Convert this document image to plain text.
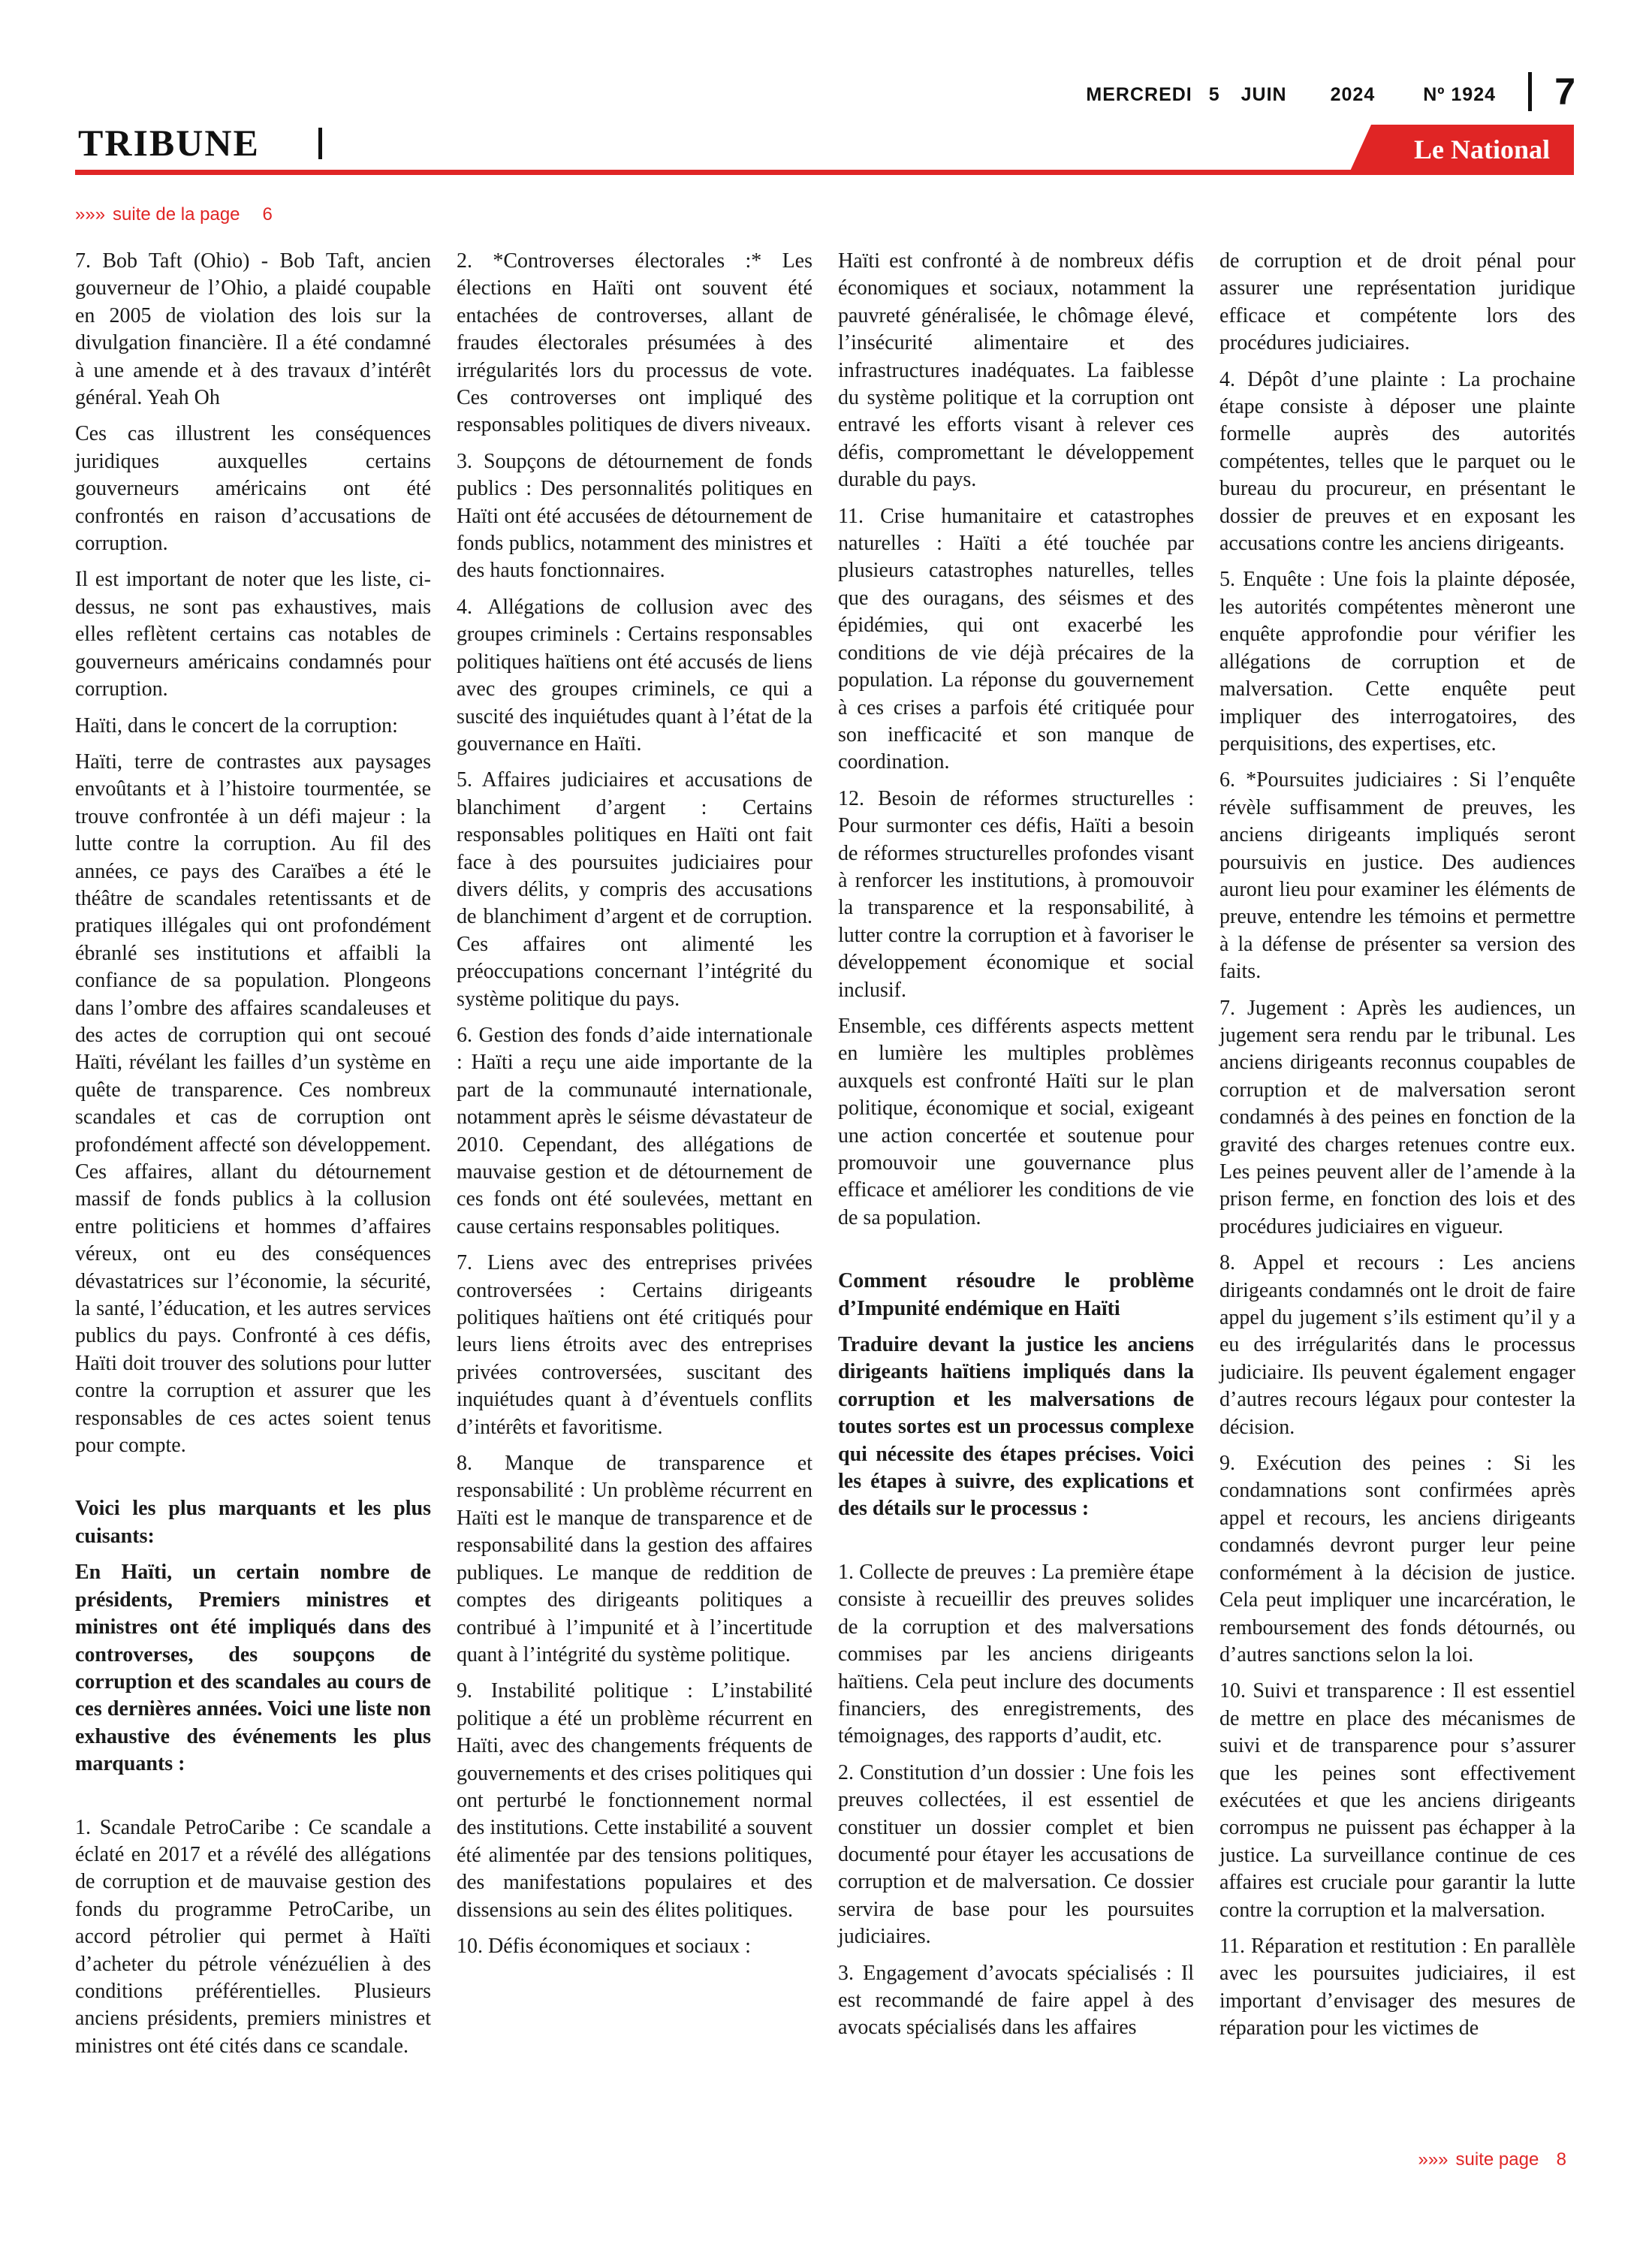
MERCREDI 5 JUIN 2024	Nº 1924 7
TRIBUNE	Le National
»»» suite de la page 6

7. Bob Taft (Ohio) - Bob Taft, ancien gouverneur de l’Ohio, a plaidé coupable en 2005 de violation des lois sur la divulgation financière. Il a été condamné à une amende et à des travaux d’intérêt général. Yeah Oh

Ces cas illustrent les conséquences juridiques auxquelles certains gouverneurs américains ont été confrontés en raison d’accusations de corruption.

Il est important de noter que les liste, ci-dessus, ne sont pas exhaustives, mais elles reflètent certains cas notables de gouverneurs américains condamnés pour corruption.

Haïti, dans le concert de la corruption:

Haïti, terre de contrastes aux paysages envoûtants et à l’histoire tourmentée, se trouve confrontée à un défi majeur : la lutte contre la corruption. Au fil des années, ce pays des Caraïbes a été le théâtre de scandales retentissants et de pratiques illégales qui ont profondément ébranlé ses institutions et affaibli la confiance de sa population. Plongeons dans l’ombre des affaires scandaleuses et des actes de corruption qui ont secoué Haïti, révélant les failles d’un système en quête de transparence. Ces nombreux scandales et cas de corruption ont profondément affecté son développement. Ces affaires, allant du détournement massif de fonds publics à la collusion entre politiciens et hommes d’affaires véreux, ont eu des conséquences dévastatrices sur l’économie, la sécurité, la santé, l’éducation, et les autres services publics du pays. Confronté à ces défis, Haïti doit trouver des solutions pour lutter contre la corruption et assurer que les responsables de ces actes soient tenus pour compte.

Voici les plus marquants et les plus cuisants:

En Haïti, un certain nombre de présidents, Premiers ministres et ministres ont été impliqués dans des controverses, des soupçons de corruption et des scandales au cours de ces dernières années. Voici une liste non exhaustive des événements les plus marquants :

1. Scandale PetroCaribe : Ce scandale a éclaté en 2017 et a révélé des allégations de corruption et de mauvaise gestion des fonds du programme PetroCaribe, un accord pétrolier qui permet à Haïti d’acheter du pétrole vénézuélien à des conditions préférentielles. Plusieurs anciens présidents, premiers ministres et ministres ont été cités dans ce scandale.

2. *Controverses électorales :* Les élections en Haïti ont souvent été entachées de controverses, allant de fraudes électorales présumées à des irrégularités lors du processus de vote. Ces controverses ont impliqué des responsables politiques de divers niveaux.

3. Soupçons de détournement de fonds publics : Des personnalités politiques en Haïti ont été accusées de détournement de fonds publics, notamment des ministres et des hauts fonctionnaires.

4. Allégations de collusion avec des groupes criminels : Certains responsables politiques haïtiens ont été accusés de liens avec des groupes criminels, ce qui a suscité des inquiétudes quant à l’état de la gouvernance en Haïti.

5. Affaires judiciaires et accusations de blanchiment d’argent : Certains responsables politiques en Haïti ont fait face à des poursuites judiciaires pour divers délits, y compris des accusations de blanchiment d’argent et de corruption. Ces affaires ont alimenté les préoccupations concernant l’intégrité du système politique du pays.

6. Gestion des fonds d’aide internationale : Haïti a reçu une aide importante de la part de la communauté internationale, notamment après le séisme dévastateur de 2010. Cependant, des allégations de mauvaise gestion et de détournement de ces fonds ont été soulevées, mettant en cause certains responsables politiques.

7. Liens avec des entreprises privées controversées : Certains dirigeants politiques haïtiens ont été critiqués pour leurs liens étroits avec des entreprises privées controversées, suscitant des inquiétudes quant à d’éventuels conflits d’intérêts et favoritisme.

8. Manque de transparence et responsabilité : Un problème récurrent en Haïti est le manque de transparence et de responsabilité dans la gestion des affaires publiques. Le manque de reddition de comptes des dirigeants politiques a contribué à l’impunité et à l’incertitude quant à l’intégrité du système politique.

9. Instabilité politique : L’instabilité politique a été un problème récurrent en Haïti, avec des changements fréquents de gouvernements et des crises politiques qui ont perturbé le fonctionnement normal des institutions. Cette instabilité a souvent été alimentée par des tensions politiques, des manifestations populaires et des dissensions au sein des élites politiques.

10. Défis économiques et sociaux :

Haïti est confronté à de nombreux défis économiques et sociaux, notamment la pauvreté généralisée, le chômage élevé, l’insécurité alimentaire et des infrastructures inadéquates. La faiblesse du système politique et la corruption ont entravé les efforts visant à relever ces défis, compromettant le développement durable du pays.

11. Crise humanitaire et catastrophes naturelles : Haïti a été touchée par plusieurs catastrophes naturelles, telles que des ouragans, des séismes et des épidémies, qui ont exacerbé les conditions de vie déjà précaires de la population. La réponse du gouvernement à ces crises a parfois été critiquée pour son inefficacité et son manque de coordination.

12. Besoin de réformes structurelles : Pour surmonter ces défis, Haïti a besoin de réformes structurelles profondes visant à renforcer les institutions, à promouvoir la transparence et la responsabilité, à lutter contre la corruption et à favoriser le développement économique et social inclusif.

Ensemble, ces différents aspects mettent en lumière les multiples problèmes auxquels est confronté Haïti sur le plan politique, économique et social, exigeant une action concertée et soutenue pour promouvoir une gouvernance plus efficace et améliorer les conditions de vie de sa population.

Comment résoudre le problème d’Impunité endémique en Haïti

Traduire devant la justice les anciens dirigeants haïtiens impliqués dans la corruption et les malversations de toutes sortes est un processus complexe qui nécessite des étapes précises. Voici les étapes à suivre, des explications et des détails sur le processus :

1. Collecte de preuves : La première étape consiste à recueillir des preuves solides de la corruption et des malversations commises par les anciens dirigeants haïtiens. Cela peut inclure des documents financiers, des enregistrements, des témoignages, des rapports d’audit, etc.

2. Constitution d’un dossier : Une fois les preuves collectées, il est essentiel de constituer un dossier complet et bien documenté pour étayer les accusations de corruption et de malversation. Ce dossier servira de base pour les poursuites judiciaires.

3. Engagement d’avocats spécialisés : Il est recommandé de faire appel à des avocats spécialisés dans les affaires

de corruption et de droit pénal pour assurer une représentation juridique efficace et compétente lors des procédures judiciaires.

4. Dépôt d’une plainte : La prochaine étape consiste à déposer une plainte formelle auprès des autorités compétentes, telles que le parquet ou le bureau du procureur, en présentant le dossier de preuves et en exposant les accusations contre les anciens dirigeants.

5. Enquête : Une fois la plainte déposée, les autorités compétentes mèneront une enquête approfondie pour vérifier les allégations de corruption et de malversation. Cette enquête peut impliquer des interrogatoires, des perquisitions, des expertises, etc.

6. *Poursuites judiciaires : Si l’enquête révèle suffisamment de preuves, les anciens dirigeants impliqués seront poursuivis en justice. Des audiences auront lieu pour examiner les éléments de preuve, entendre les témoins et permettre à la défense de présenter sa version des faits.

7. Jugement : Après les audiences, un jugement sera rendu par le tribunal. Les anciens dirigeants reconnus coupables de corruption et de malversation seront condamnés à des peines en fonction de la gravité des charges retenues contre eux. Les peines peuvent aller de l’amende à la prison ferme, en fonction des lois et des procédures judiciaires en vigueur.

8. Appel et recours : Les anciens dirigeants condamnés ont le droit de faire appel du jugement s’ils estiment qu’il y a eu des irrégularités dans le processus judiciaire. Ils peuvent également engager d’autres recours légaux pour contester la décision.

9. Exécution des peines : Si les condamnations sont confirmées après appel et recours, les anciens dirigeants condamnés devront purger leur peine conformément à la décision de justice. Cela peut impliquer une incarcération, le remboursement des fonds détournés, ou d’autres sanctions selon la loi.

10. Suivi et transparence : Il est essentiel de mettre en place des mécanismes de suivi et de transparence pour s’assurer que les peines sont effectivement exécutées et que les anciens dirigeants corrompus ne puissent pas échapper à la justice. La surveillance continue de ces affaires est cruciale pour garantir la lutte contre la corruption et la malversation.

11. Réparation et restitution : En parallèle avec les poursuites judiciaires, il est important d’envisager des mesures de réparation pour les victimes de

»»» suite page 8
